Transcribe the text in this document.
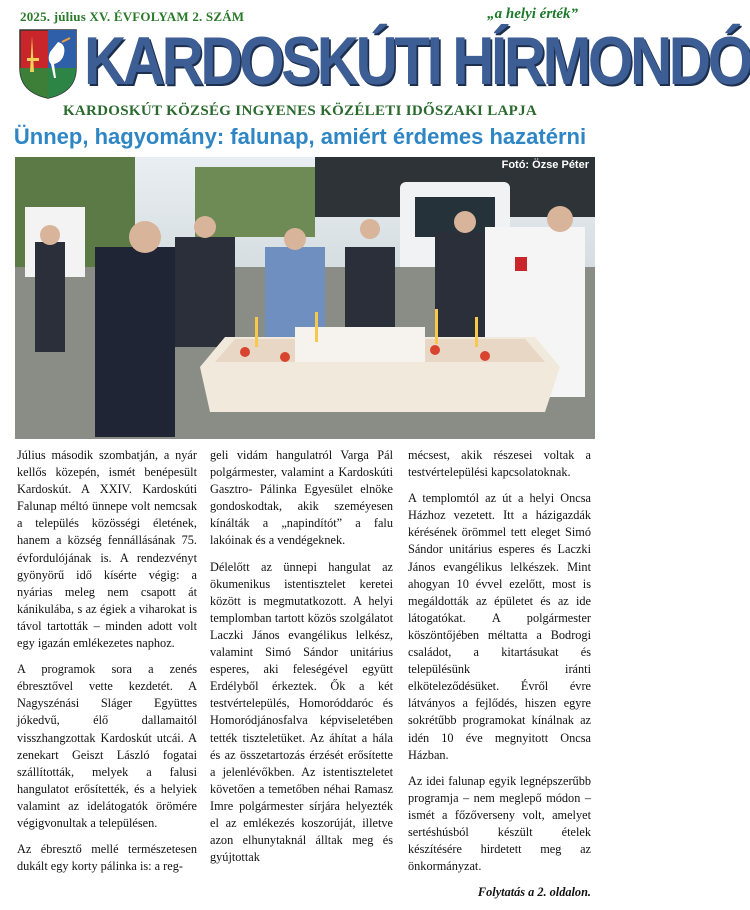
2025. július XV. ÉVFOLYAM 2. SZÁM	„a helyi érték”
KARDOSKÚTI HÍRMONDÓ
KARDOSKÚT KÖZSÉG INGYENES KÖZÉLETI IDŐSZAKI LAPJA
Ünnep, hagyomány: falunap, amiért érdemes hazatérni
Fotó: Özse Péter

Július második szombatján, a nyár kellős közepén, ismét benépesült Kardoskút. A XXIV. Kardoskúti Falunap méltó ünnepe volt nemcsak a település közösségi életének, hanem a község fennállásának 75. évfordulójának is. A rendezvényt gyönyörű idő kísérte végig: a nyárias meleg nem csapott át kánikulába, s az égiek a viharokat is távol tartották – minden adott volt egy igazán emlékezetes naphoz.

A programok sora a zenés ébresztővel vette kezdetét. A Nagyszénási Sláger Együttes jókedvű, élő dallamaitól visszhangzottak Kardoskút utcái. A zenekart Geiszt László fogatai szállították, melyek a falusi hangulatot erősítették, és a helyiek valamint az idelátogatók örömére végigvonultak a településen.

Az ébresztő mellé természetesen dukált egy korty pálinka is: a reg-

geli vidám hangulatról Varga Pál polgármester, valamint a Kardoskúti Gasztro- Pálinka Egyesület elnöke gondoskodtak, akik szeméyesen kínálták a „napindítót” a falu lakóinak és a vendégeknek.

Délelőtt az ünnepi hangulat az ökumenikus istentisztelet keretei között is megmutatkozott. A helyi templomban tartott közös szolgálatot Laczki János evangélikus lelkész, valamint Simó Sándor unitárius esperes, aki feleségével együtt Erdélyből érkeztek. Ők a két testvértelepülés, Homoróddaróc és Homoródjánosfalva képviseletében tették tiszteletüket. Az áhítat a hála és az összetartozás érzését erősítette a jelenlévőkben. Az istentiszteletet követően a temetőben néhai Ramasz Imre polgármester sírjára helyezték el az emlékezés koszorúját, illetve azon elhunytaknál álltak meg és gyújtottak

mécsest, akik részesei voltak a testvértelepülési kapcsolatoknak.

A templomtól az út a helyi Oncsa Házhoz vezetett. Itt a házigazdák kérésének örömmel tett eleget Simó Sándor unitárius esperes és Laczki János evangélikus lelkészek. Mint ahogyan 10 évvel ezelőtt, most is megáldották az épületet és az ide látogatókat. A polgármester köszöntőjében méltatta a Bodrogi családot, a kitartásukat és településünk iránti elköteleződésüket. Évről évre látványos a fejlődés, hiszen egyre sokrétűbb programokat kínálnak az idén 10 éve megnyitott Oncsa Házban.

Az idei falunap egyik legnépszerűbb programja – nem meglepő módon – ismét a főzőverseny volt, amelyet sertéshúsból készült ételek készítésére hirdetett meg az önkormányzat.

Folytatás a 2. oldalon.
